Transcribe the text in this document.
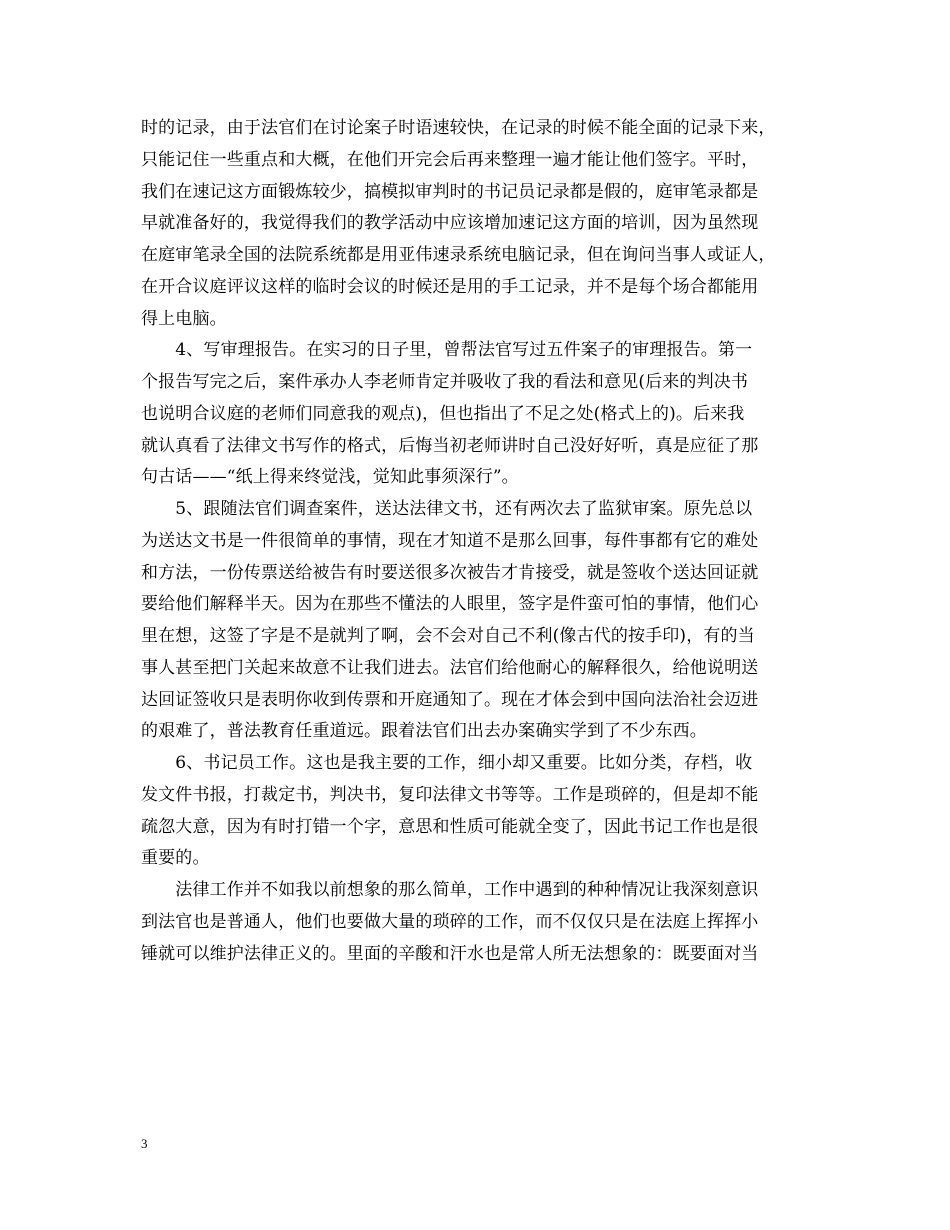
时的记录，由于法官们在讨论案子时语速较快，在记录的时候不能全面的记录下来，
只能记住一些重点和大概，在他们开完会后再来整理一遍才能让他们签字。平时，
我们在速记这方面锻炼较少，搞模拟审判时的书记员记录都是假的，庭审笔录都是
早就准备好的，我觉得我们的教学活动中应该增加速记这方面的培训，因为虽然现
在庭审笔录全国的法院系统都是用亚伟速录系统电脑记录，但在询问当事人或证人，
在开合议庭评议这样的临时会议的时候还是用的手工记录，并不是每个场合都能用
得上电脑。
　　4、写审理报告。在实习的日子里，曾帮法官写过五件案子的审理报告。第一
个报告写完之后，案件承办人李老师肯定并吸收了我的看法和意见(后来的判决书
也说明合议庭的老师们同意我的观点)，但也指出了不足之处(格式上的)。后来我
就认真看了法律文书写作的格式，后悔当初老师讲时自己没好好听，真是应征了那
句古话——“纸上得来终觉浅，觉知此事须深行”。
　　5、跟随法官们调查案件，送达法律文书，还有两次去了监狱审案。原先总以
为送达文书是一件很简单的事情，现在才知道不是那么回事，每件事都有它的难处
和方法，一份传票送给被告有时要送很多次被告才肯接受，就是签收个送达回证就
要给他们解释半天。因为在那些不懂法的人眼里，签字是件蛮可怕的事情，他们心
里在想，这签了字是不是就判了啊，会不会对自己不利(像古代的按手印)，有的当
事人甚至把门关起来故意不让我们进去。法官们给他耐心的解释很久，给他说明送
达回证签收只是表明你收到传票和开庭通知了。现在才体会到中国向法治社会迈进
的艰难了，普法教育任重道远。跟着法官们出去办案确实学到了不少东西。
　　6、书记员工作。这也是我主要的工作，细小却又重要。比如分类，存档，收
发文件书报，打裁定书，判决书，复印法律文书等等。工作是琐碎的，但是却不能
疏忽大意，因为有时打错一个字，意思和性质可能就全变了，因此书记工作也是很
重要的。
　　法律工作并不如我以前想象的那么简单，工作中遇到的种种情况让我深刻意识
到法官也是普通人，他们也要做大量的琐碎的工作，而不仅仅只是在法庭上挥挥小
锤就可以维护法律正义的。里面的辛酸和汗水也是常人所无法想象的：既要面对当
3
